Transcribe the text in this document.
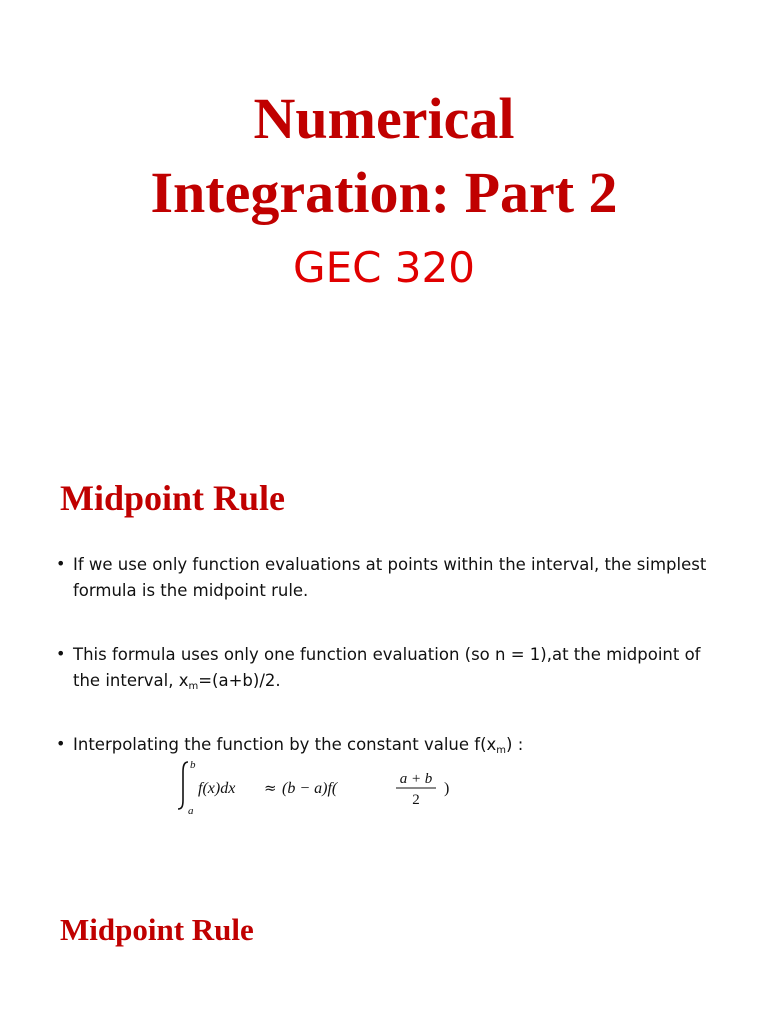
Numerical
Integration: Part 2
GEC 320
Midpoint Rule
• If we use only function evaluations at points within the interval, the simplest formula is the midpoint rule.
• This formula uses only one function evaluation (so n = 1),at the midpoint of the interval, $x_m=(a+b)/2$.
• Interpolating the function by the constant value $f(x_m)$ :
b
a
f(x)dx ≈ (b − a)f(
a + b
2
)
Midpoint Rule
